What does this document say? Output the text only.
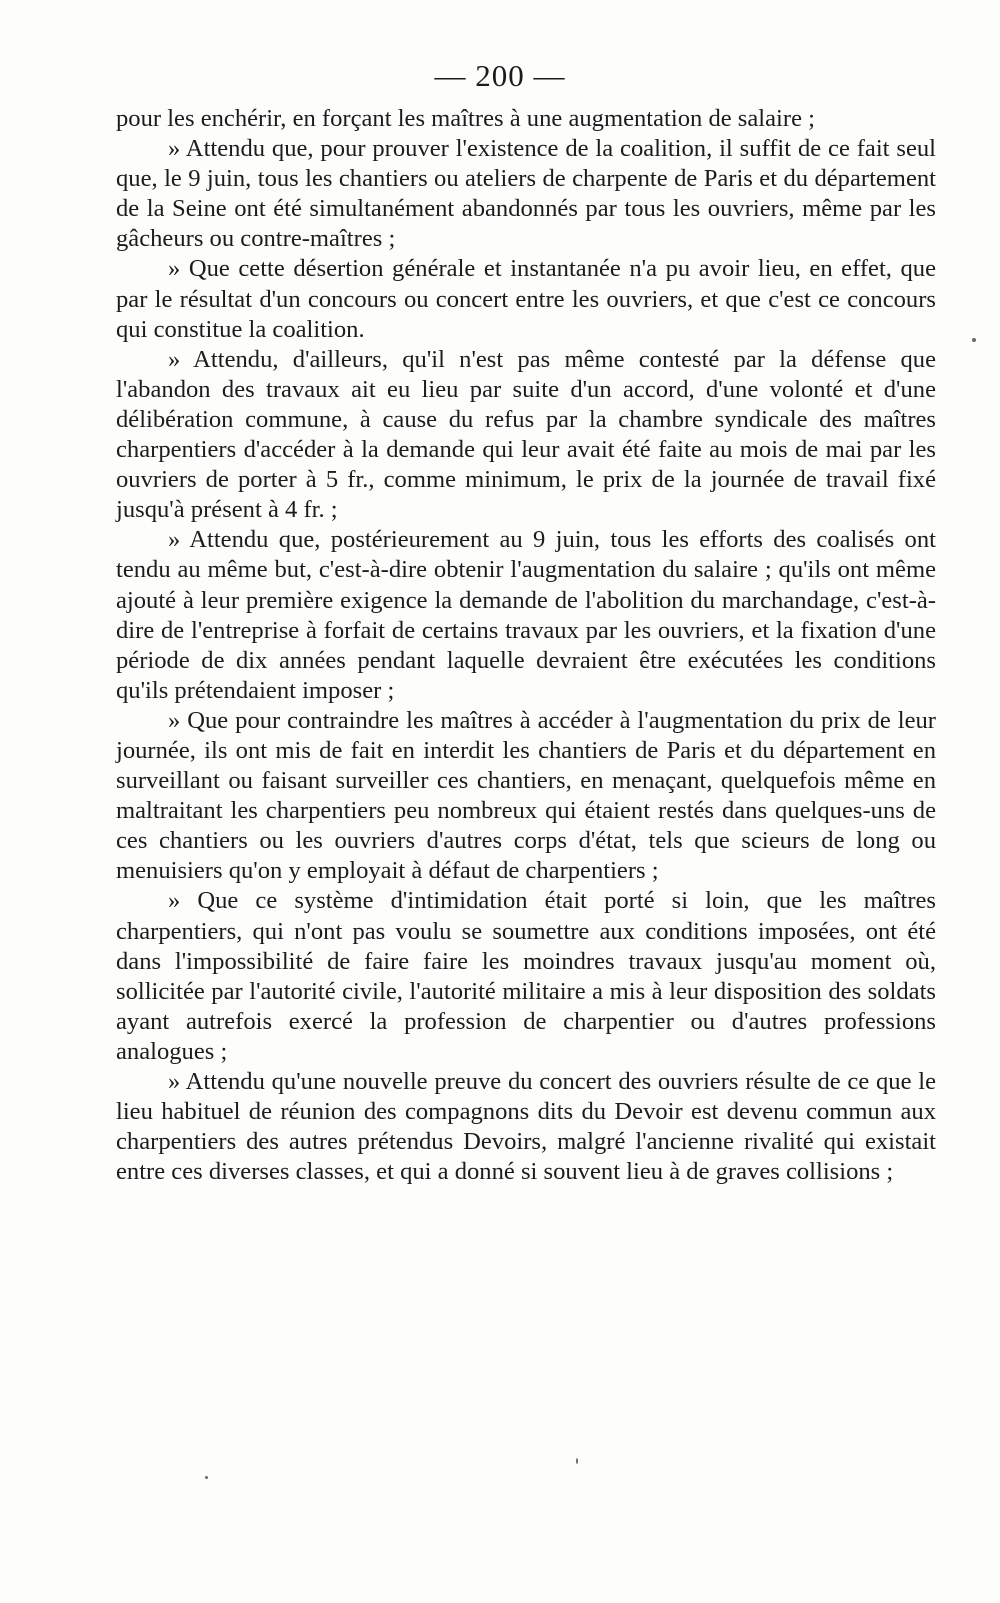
— 200 —

pour les enchérir, en forçant les maîtres à une augmentation de salaire ;

» Attendu que, pour prouver l'existence de la coalition, il suffit de ce fait seul que, le 9 juin, tous les chantiers ou ateliers de charpente de Paris et du département de la Seine ont été simultanément abandonnés par tous les ouvriers, même par les gâcheurs ou contre-maîtres ;

» Que cette désertion générale et instantanée n'a pu avoir lieu, en effet, que par le résultat d'un concours ou concert entre les ouvriers, et que c'est ce concours qui constitue la coalition.

» Attendu, d'ailleurs, qu'il n'est pas même contesté par la défense que l'abandon des travaux ait eu lieu par suite d'un accord, d'une volonté et d'une délibération commune, à cause du refus par la chambre syndicale des maîtres charpentiers d'accéder à la demande qui leur avait été faite au mois de mai par les ouvriers de porter à 5 fr., comme minimum, le prix de la journée de travail fixé jusqu'à présent à 4 fr. ;

» Attendu que, postérieurement au 9 juin, tous les efforts des coalisés ont tendu au même but, c'est-à-dire obtenir l'augmentation du salaire ; qu'ils ont même ajouté à leur première exigence la demande de l'abolition du marchandage, c'est-à-dire de l'entreprise à forfait de certains travaux par les ouvriers, et la fixation d'une période de dix années pendant laquelle devraient être exécutées les conditions qu'ils prétendaient imposer ;

» Que pour contraindre les maîtres à accéder à l'augmentation du prix de leur journée, ils ont mis de fait en interdit les chantiers de Paris et du département en surveillant ou faisant surveiller ces chantiers, en menaçant, quelquefois même en maltraitant les charpentiers peu nombreux qui étaient restés dans quelques-uns de ces chantiers ou les ouvriers d'autres corps d'état, tels que scieurs de long ou menuisiers qu'on y employait à défaut de charpentiers ;

» Que ce système d'intimidation était porté si loin, que les maîtres charpentiers, qui n'ont pas voulu se soumettre aux conditions imposées, ont été dans l'impossibilité de faire faire les moindres travaux jusqu'au moment où, sollicitée par l'autorité civile, l'autorité militaire a mis à leur disposition des soldats ayant autrefois exercé la profession de charpentier ou d'autres professions analogues ;

» Attendu qu'une nouvelle preuve du concert des ouvriers résulte de ce que le lieu habituel de réunion des compagnons dits du Devoir est devenu commun aux charpentiers des autres prétendus Devoirs, malgré l'ancienne rivalité qui existait entre ces diverses classes, et qui a donné si souvent lieu à de graves collisions ;
